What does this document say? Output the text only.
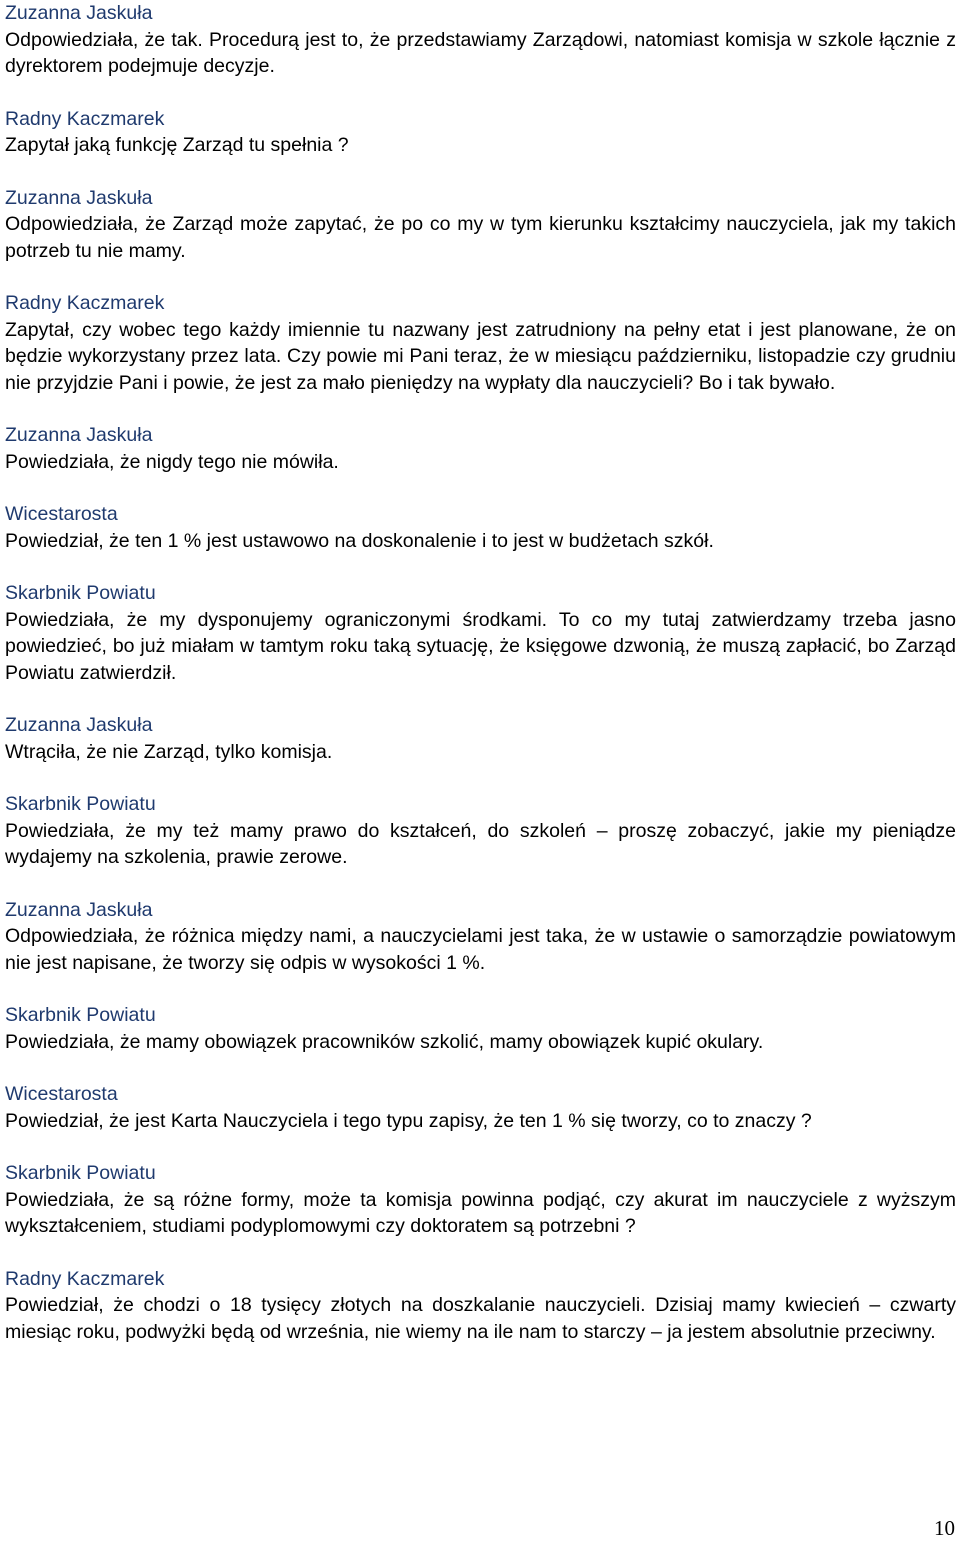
Zuzanna Jaskuła
Odpowiedziała, że tak. Procedurą jest to, że przedstawiamy Zarządowi, natomiast komisja w szkole łącznie z dyrektorem podejmuje decyzje.
Radny Kaczmarek
Zapytał jaką funkcję Zarząd tu spełnia ?
Zuzanna Jaskuła
Odpowiedziała, że Zarząd może zapytać, że po co my w tym kierunku kształcimy nauczyciela, jak my takich potrzeb tu nie mamy.
Radny Kaczmarek
Zapytał, czy wobec tego każdy imiennie tu nazwany jest zatrudniony na pełny etat i jest planowane, że on będzie wykorzystany przez lata. Czy powie mi Pani teraz, że w miesiącu październiku, listopadzie czy grudniu nie przyjdzie Pani i powie, że jest za mało pieniędzy na wypłaty dla nauczycieli? Bo i tak bywało.
Zuzanna Jaskuła
Powiedziała, że nigdy tego nie mówiła.
Wicestarosta
Powiedział, że ten 1 % jest ustawowo na doskonalenie i to jest w budżetach szkół.
Skarbnik Powiatu
Powiedziała, że my dysponujemy ograniczonymi środkami. To co my tutaj zatwierdzamy trzeba jasno powiedzieć, bo już miałam w tamtym roku taką sytuację, że księgowe dzwonią, że muszą zapłacić, bo Zarząd Powiatu zatwierdził.
Zuzanna Jaskuła
Wtrąciła, że nie Zarząd, tylko komisja.
Skarbnik Powiatu
Powiedziała, że my też mamy prawo do kształceń, do szkoleń – proszę zobaczyć, jakie my pieniądze wydajemy na szkolenia, prawie zerowe.
Zuzanna Jaskuła
Odpowiedziała, że różnica między nami, a nauczycielami jest taka, że w ustawie o samorządzie powiatowym nie jest napisane, że tworzy się odpis w wysokości 1 %.
Skarbnik Powiatu
Powiedziała, że mamy obowiązek pracowników szkolić, mamy obowiązek kupić okulary.
Wicestarosta
Powiedział, że jest Karta Nauczyciela i tego typu zapisy, że ten 1 % się tworzy, co to znaczy ?
Skarbnik Powiatu
Powiedziała, że są różne formy, może ta komisja powinna podjąć, czy akurat im nauczyciele z wyższym wykształceniem, studiami podyplomowymi czy doktoratem są potrzebni ?
Radny Kaczmarek
Powiedział, że chodzi o 18 tysięcy złotych na doszkalanie nauczycieli. Dzisiaj mamy kwiecień – czwarty miesiąc roku, podwyżki będą od września, nie wiemy na ile nam to starczy – ja jestem absolutnie przeciwny.
10
